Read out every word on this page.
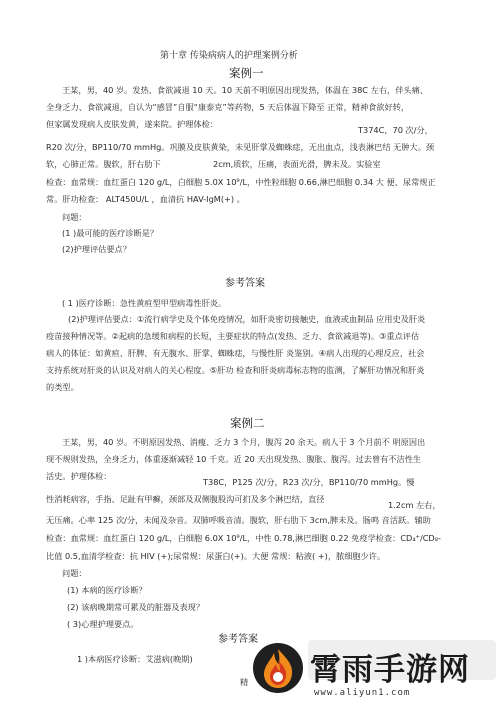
第十章 传染病病人的护理案例分析
案例一
王某，男，40 岁。发热、食欲减退 10 天。10 天前不明原因出现发热，体温在 38C 左右，伴头痛、
全身乏力、食欲减退，自认为“感冒”自服“康泰克”等药物，5 天后体温下降至 正常，精神食欲好转，
但家属发现病人皮肤发黄，遂来院。护理体检：
T374C，70 次/分，
R20 次/分，BP110/70 mmHg。巩膜及皮肤黄染，未见肝掌及蜘蛛痣，无出血点，浅表淋巴结 无肿大。颈
软，心肺正常。腹软，肝右肋下	2cm,质软，压痛，表面光滑，脾未及。实验室
检查：血常规：血红蛋白 120 g/L，白细胞 5.0X 10⁹/L，中性粒细胞 0.66,淋巴细胞 0.34 大 便、尿常规正
常。肝功检查： ALT450U/L ，血清抗 HAV-IgM(+) 。
问题：
(1 )最可能的医疗诊断是？
(2)护理评估要点？
参考答案
( 1 )医疗诊断：急性黄疸型甲型病毒性肝炎。
(2)护理评估要点：①流行病学史及个体免疫情况，如肝炎密切接触史，血液或血制品 应用史及肝炎
疫苗接种情况等。②起病的急缓和病程的长短，主要症状的特点(发热、乏力、食欲减退等)。③重点评估
病人的体征：如黄疸、肝脾、有无腹水、肝掌、蜘蛛痣，与慢性肝 炎鉴别。④病人出现的心理反应，社会
支持系统对肝炎的认识及对病人的关心程度。⑤肝功 检查和肝炎病毒标志物的监测，了解肝功情况和肝炎
的类型。
案例二
王某，男，40 岁。不明原因发热、消瘦、乏力 3 个月，腹泻 20 余天。病人于 3 个月前不 明原因出
现不规则发热，全身乏力，体重逐渐减轻 10 千克。近 20 天出现发热、腹胀、腹泻。过去曾有不洁性生
活史。护理体检：
T38C，P125 次/分，R23 次/分，BP110/70 mmHg。慢
性消耗病容，手指、足趾有甲癣，颈部及双侧腹股沟可扪及多个淋巴结，直径
1.2cm 左右，
无压痛。心率 125 次/分，未闻及杂音。双肺呼吸音清。腹软，肝右肋下 3cm,脾未及。肠鸣 音活跃。辅助
检查：血常规：血红蛋白 120 g/L，白细胞 6.0X 10⁹/L，中性 0.78,淋巴细胞 0.22 免疫学检查：CD₄⁺/CD₈-
比值 0.5,血清学检查：抗 HIV (+);尿常规：尿蛋白(+)。大便 常规：粘液( +)，脓细胞少许。
问题：
(1) 本病的医疗诊断？
(2) 该病晚期常可累及的脏器及表现？
( 3)心理护理要点。
参考答案
1 )本病医疗诊断：艾滋病(晚期)
精 霄雨手游网
www.aliyun1.com
